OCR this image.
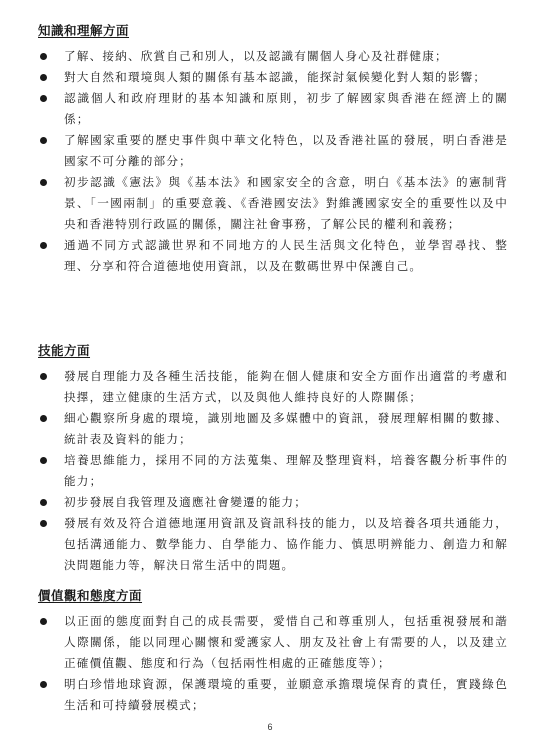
知識和理解方面
了解、接納、欣賞自己和別人，以及認識有關個人身心及社群健康；
對大自然和環境與人類的關係有基本認識，能探討氣候變化對人類的影響；
認識個人和政府理財的基本知識和原則，初步了解國家與香港在經濟上的關係；
了解國家重要的歷史事件與中華文化特色，以及香港社區的發展，明白香港是國家不可分離的部分；
初步認識《憲法》與《基本法》和國家安全的含意，明白《基本法》的憲制背景、「一國兩制」的重要意義、《香港國安法》對維護國家安全的重要性以及中央和香港特別行政區的關係，關注社會事務，了解公民的權利和義務；
通過不同方式認識世界和不同地方的人民生活與文化特色，並學習尋找、整理、分享和符合道德地使用資訊，以及在數碼世界中保護自己。
技能方面
發展自理能力及各種生活技能，能夠在個人健康和安全方面作出適當的考慮和抉擇，建立健康的生活方式，以及與他人維持良好的人際關係；
細心觀察所身處的環境，識別地圖及多媒體中的資訊，發展理解相關的數據、統計表及資料的能力；
培養思維能力，採用不同的方法蒐集、理解及整理資料，培養客觀分析事件的能力；
初步發展自我管理及適應社會變遷的能力；
發展有效及符合道德地運用資訊及資訊科技的能力，以及培養各項共通能力，包括溝通能力、數學能力、自學能力、協作能力、慎思明辨能力、創造力和解決問題能力等，解決日常生活中的問題。
價值觀和態度方面
以正面的態度面對自己的成長需要，愛惜自己和尊重別人，包括重視發展和諧人際關係，能以同理心關懷和愛護家人、朋友及社會上有需要的人，以及建立正確價值觀、態度和行為（包括兩性相處的正確態度等）；
明白珍惜地球資源，保護環境的重要，並願意承擔環境保育的責任，實踐綠色生活和可持續發展模式；
6
